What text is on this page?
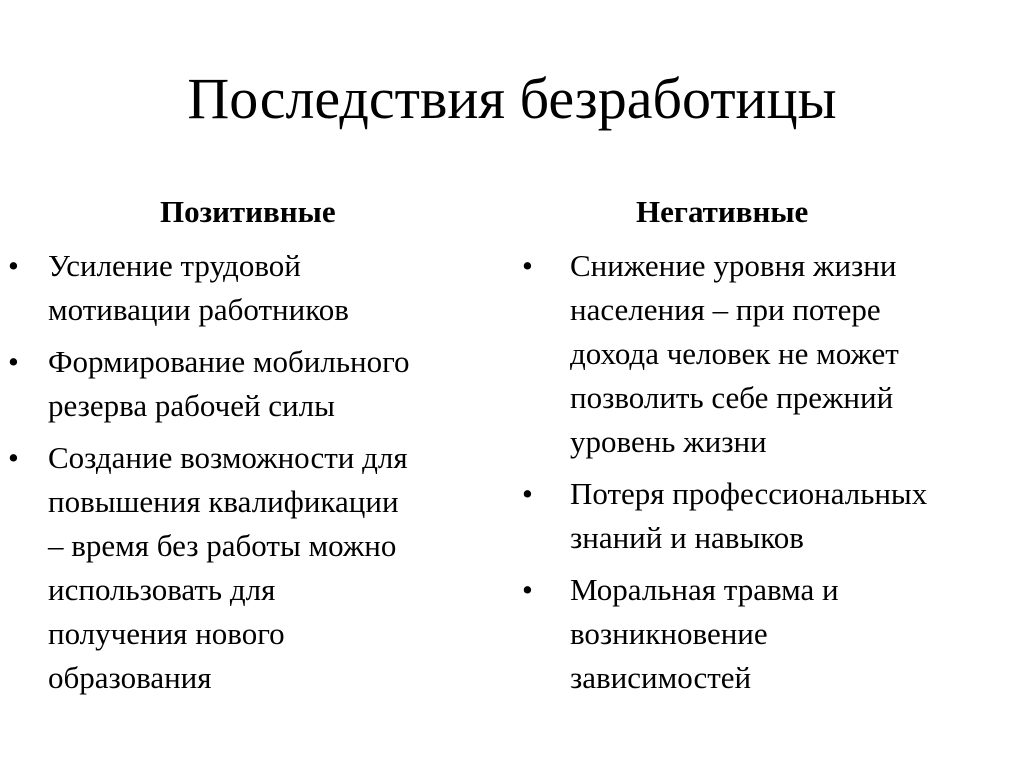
Последствия безработицы
Позитивные
• Усиление трудовой
мотивации работников
• Формирование мобильного
резерва рабочей силы
• Создание возможности для
повышения квалификации
– время без работы можно
использовать для
получения нового
образования
Негативные
• Снижение уровня жизни
населения – при потере
дохода человек не может
позволить себе прежний
уровень жизни
• Потеря профессиональных
знаний и навыков
• Моральная травма и
возникновение
зависимостей
